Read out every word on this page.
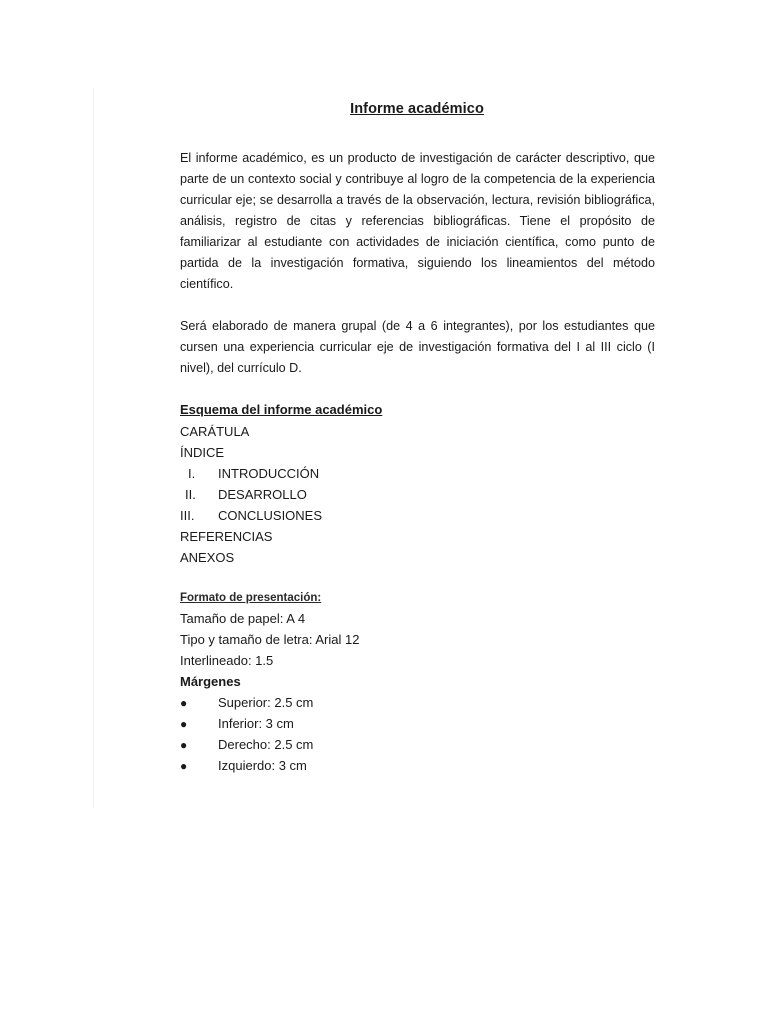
Informe académico

El informe académico, es un producto de investigación de carácter descriptivo, que parte de un contexto social y contribuye al logro de la competencia de la experiencia curricular eje; se desarrolla a través de la observación, lectura, revisión bibliográfica, análisis, registro de citas y referencias bibliográficas. Tiene el propósito de familiarizar al estudiante con actividades de iniciación científica, como punto de partida de la investigación formativa, siguiendo los lineamientos del método científico.

Será elaborado de manera grupal (de 4 a 6 integrantes), por los estudiantes que cursen una experiencia curricular eje de investigación formativa del I al III ciclo (I nivel), del currículo D.

Esquema del informe académico
CARÁTULA
ÍNDICE
I. INTRODUCCIÓN
II. DESARROLLO
III. CONCLUSIONES
REFERENCIAS
ANEXOS
Formato de presentación:
Tamaño de papel: A 4
Tipo y tamaño de letra: Arial 12
Interlineado: 1.5
Márgenes
● Superior: 2.5 cm
● Inferior: 3 cm
● Derecho: 2.5 cm
● Izquierdo: 3 cm
